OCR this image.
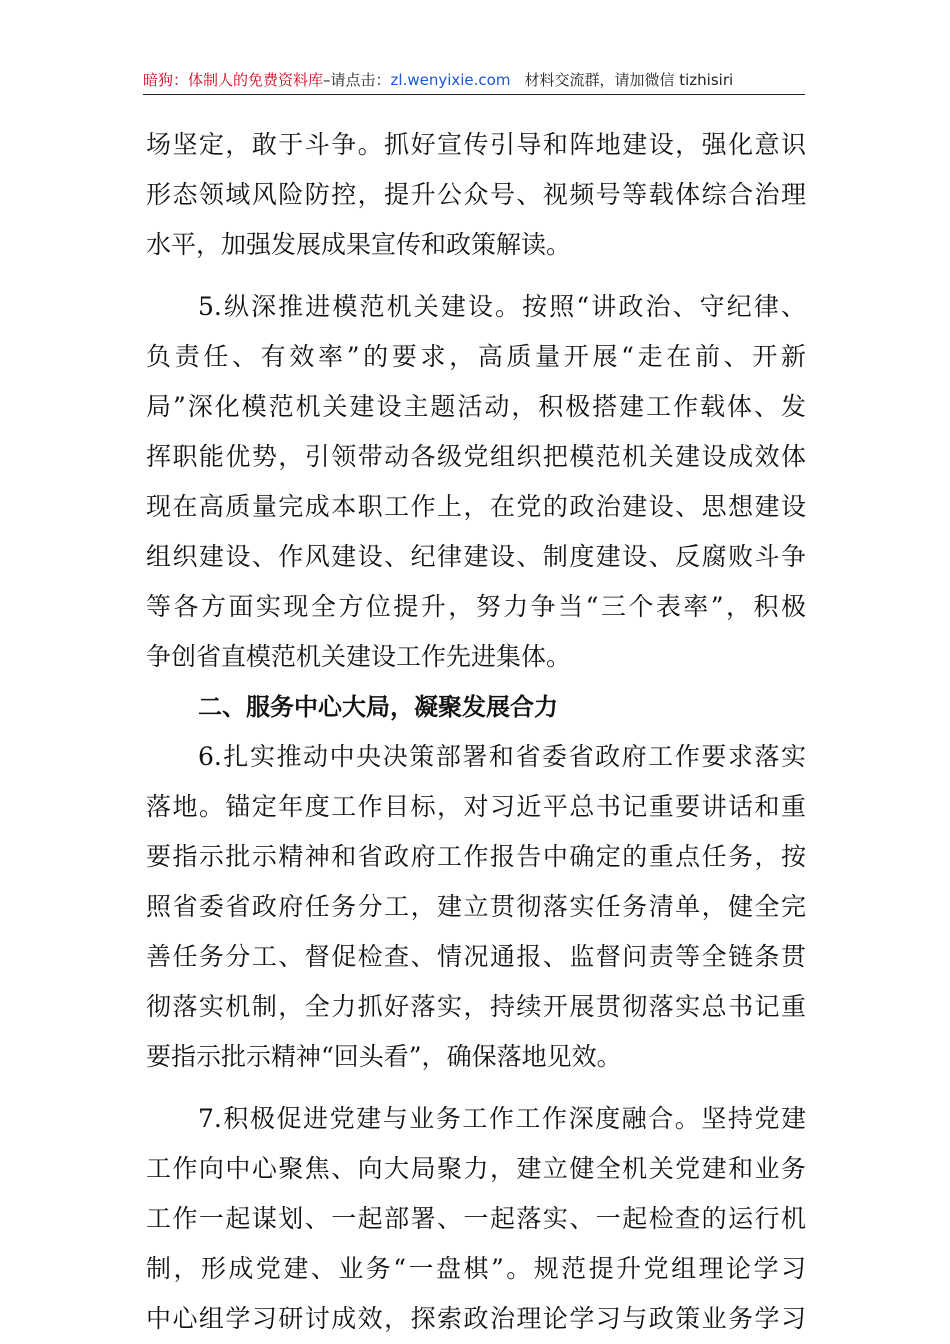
暗狗：体制人的免费资料库–请点击：zl.wenyixie.com 材料交流群，请加微信 tizhisiri
场坚定，敢于斗争。抓好宣传引导和阵地建设，强化意识
形态领域风险防控，提升公众号、视频号等载体综合治理
水平，加强发展成果宣传和政策解读。
5.纵深推进模范机关建设。按照“讲政治、守纪律、
负责任、有效率”的要求，高质量开展“走在前、开新
局”深化模范机关建设主题活动，积极搭建工作载体、发
挥职能优势，引领带动各级党组织把模范机关建设成效体
现在高质量完成本职工作上，在党的政治建设、思想建设
组织建设、作风建设、纪律建设、制度建设、反腐败斗争
等各方面实现全方位提升，努力争当“三个表率”，积极
争创省直模范机关建设工作先进集体。
二、服务中心大局，凝聚发展合力
6.扎实推动中央决策部署和省委省政府工作要求落实
落地。锚定年度工作目标，对习近平总书记重要讲话和重
要指示批示精神和省政府工作报告中确定的重点任务，按
照省委省政府任务分工，建立贯彻落实任务清单，健全完
善任务分工、督促检查、情况通报、监督问责等全链条贯
彻落实机制，全力抓好落实，持续开展贯彻落实总书记重
要指示批示精神“回头看”，确保落地见效。
7.积极促进党建与业务工作工作深度融合。坚持党建
工作向中心聚焦、向大局聚力，建立健全机关党建和业务
工作一起谋划、一起部署、一起落实、一起检查的运行机
制，形成党建、业务“一盘棋”。规范提升党组理论学习
中心组学习研讨成效，探索政治理论学习与政策业务学习
